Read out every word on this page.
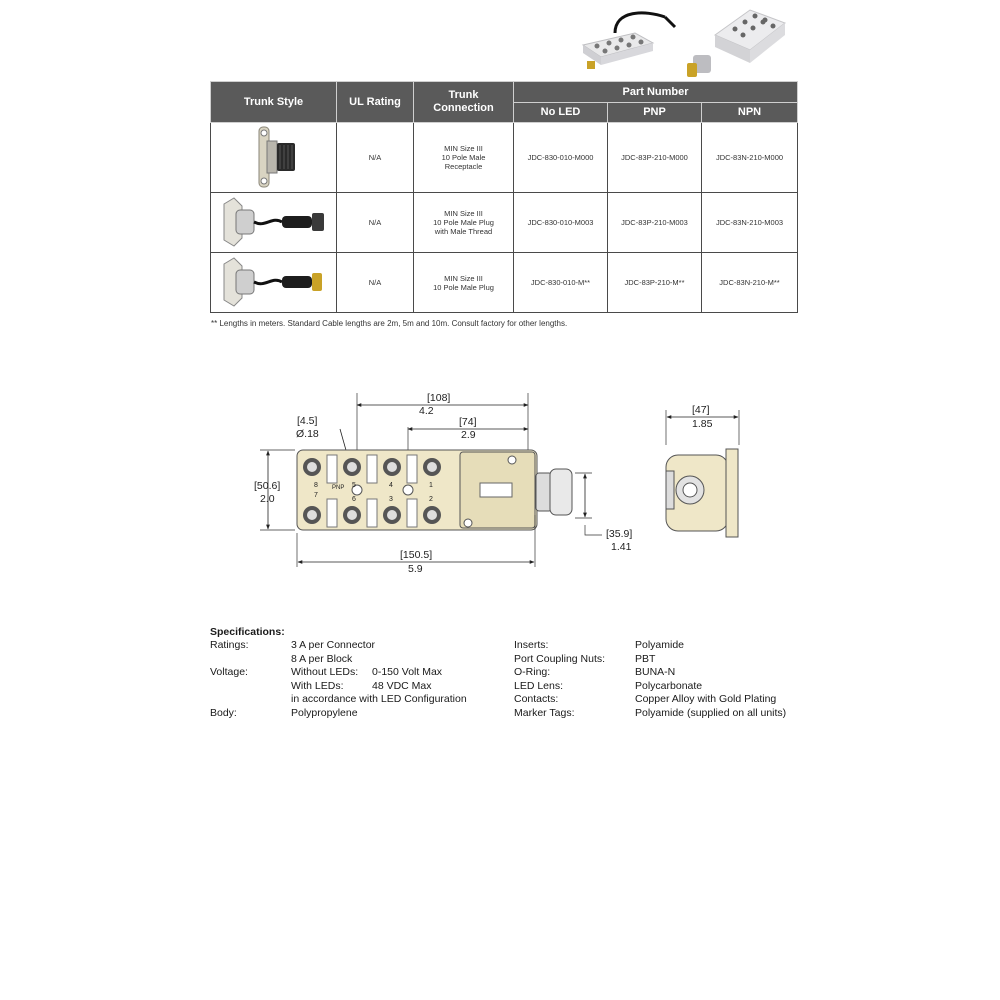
Trunk Style	UL Rating	Trunk
Connection	Part Number		
			No LED	PNP	NPN
	N/A	MIN Size III
10 Pole Male
Receptacle	JDC-830-010-M000	JDC-83P-210-M000	JDC-83N-210-M000
	N/A	MIN Size III
10 Pole Male Plug
with Male Thread	JDC-830-010-M003	JDC-83P-210-M003	JDC-83N-210-M003
	N/A	MIN Size III
10 Pole Male Plug	JDC-830-010-M**	JDC-83P-210-M**	JDC-83N-210-M**
** Lengths in meters. Standard Cable lengths are 2m, 5m and 10m. Consult factory for other lengths.
[108]
4.2
[74]
2.9
[4.5]
Ø.18
7
8 PNP 5
6
4
3
1
2
[50.6]
2.0
[35.9]
1.41
[150.5]
5.9
[47]
1.85
Specifications:
Ratings:	3 A per Connector
8 A per Block
Voltage:	Without LEDs: 0-150 Volt Max
With LEDs:	48 VDC Max
in accordance with LED Configuration
Body:	Polypropylene
Inserts:	Polyamide
Port Coupling Nuts:	PBT
O-Ring:	BUNA-N
LED Lens:	Polycarbonate
Contacts:	Copper Alloy with Gold Plating
Marker Tags:	Polyamide (supplied on all units)
